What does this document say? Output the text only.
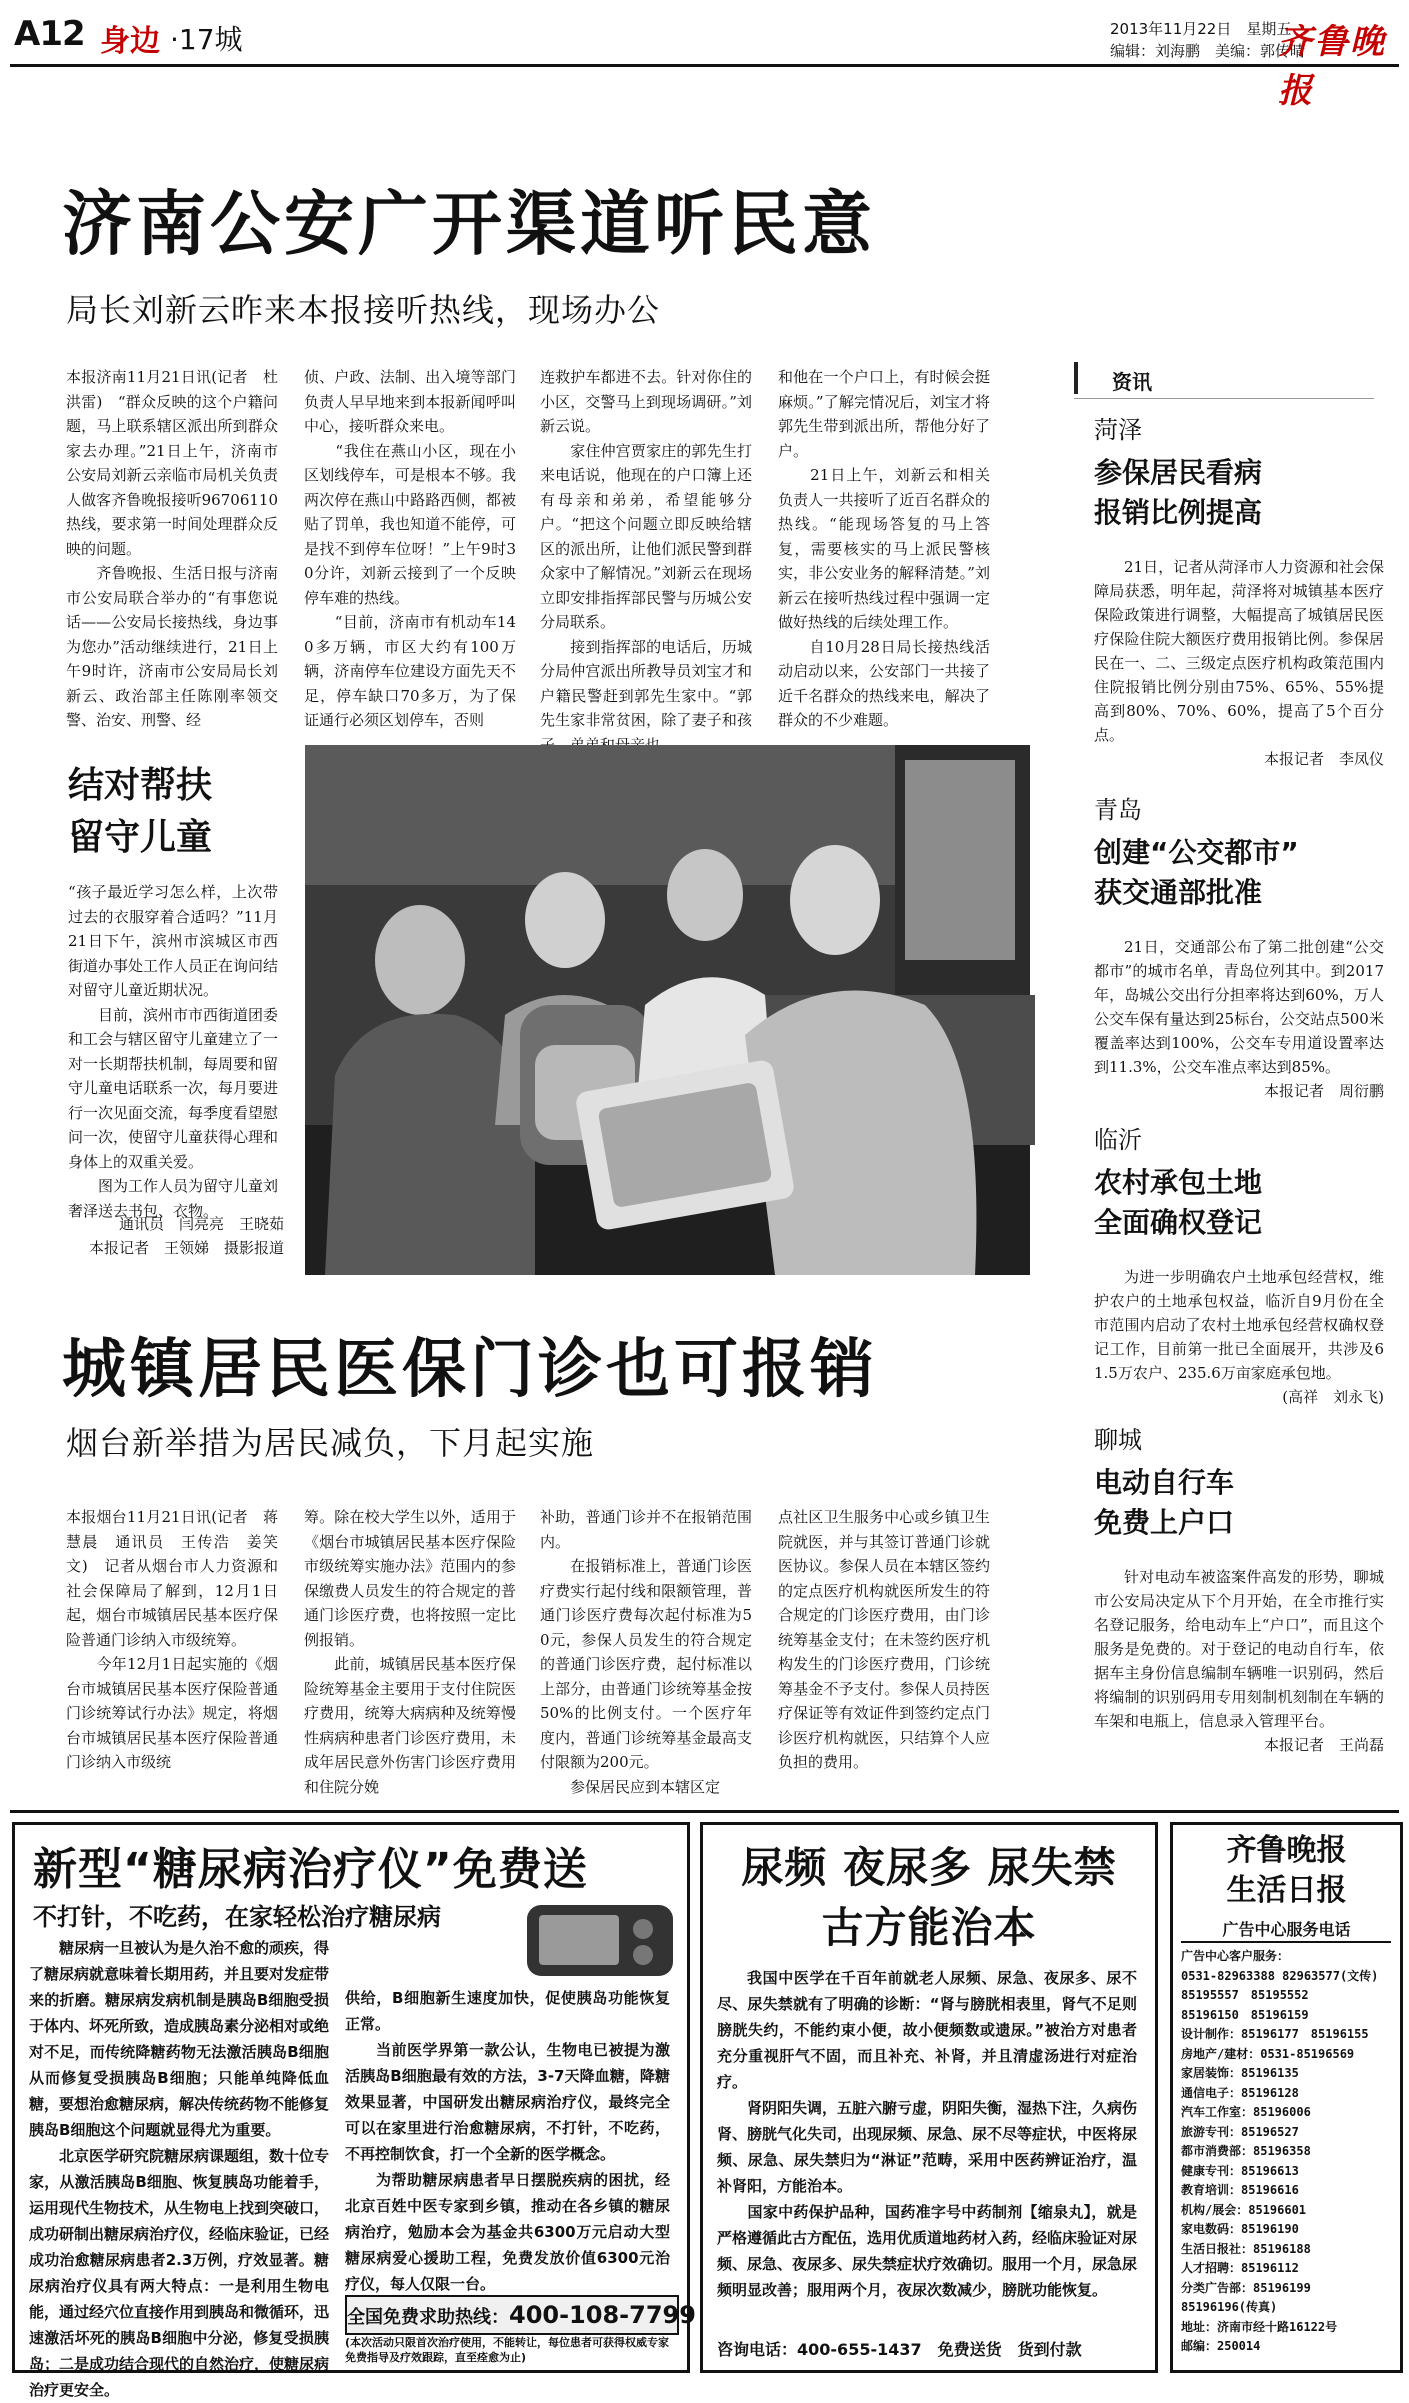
A12 身边 ·17城	2013年11月22日　星期五
编辑：刘海鹏　美编：郭传晴
齐鲁晚报
济南公安广开渠道听民意
局长刘新云昨来本报接听热线，现场办公
本报济南11月21日讯(记者　杜洪雷)　“群众反映的这个户籍问题，马上联系辖区派出所到群众家去办理。”21日上午，济南市公安局刘新云亲临市局机关负责人做客齐鲁晚报接听96706110热线，要求第一时间处理群众反映的问题。
　　齐鲁晚报、生活日报与济南市公安局联合举办的“有事您说话——公安局长接热线，身边事为您办”活动继续进行，21日上午9时许，济南市公安局局长刘新云、政治部主任陈刚率领交警、治安、刑警、经
侦、户政、法制、出入境等部门负责人早早地来到本报新闻呼叫中心，接听群众来电。
　　“我住在燕山小区，现在小区划线停车，可是根本不够。我两次停在燕山中路路西侧，都被贴了罚单，我也知道不能停，可是找不到停车位呀！”上午9时30分许，刘新云接到了一个反映停车难的热线。
　　“目前，济南市有机动车140多万辆，市区大约有100万辆，济南停车位建设方面先天不足，停车缺口70多万，为了保证通行必须区划停车，否则
连救护车都进不去。针对你住的小区，交警马上到现场调研。”刘新云说。
　　家住仲宫贾家庄的郭先生打来电话说，他现在的户口簿上还有母亲和弟弟，希望能够分户。“把这个问题立即反映给辖区的派出所，让他们派民警到群众家中了解情况。”刘新云在现场立即安排指挥部民警与历城公安分局联系。
　　接到指挥部的电话后，历城分局仲宫派出所教导员刘宝才和户籍民警赶到郭先生家中。“郭先生家非常贫困，除了妻子和孩
和他在一个户口上，有时候会挺麻烦。”了解完情况后，刘宝才将郭先生带到派出所，帮他分好了户。
　　21日上午，刘新云和相关负责人一共接听了近百名群众的热线。“能现场答复的马上答复，需要核实的马上派民警核实，非公安业务的解释清楚。”刘新云在接听热线过程中强调一定做好热线的后续处理工作。
　　自10月28日局长接热线活动启动以来，公安部门一共接了近千名群众的热线来电，解决了群众的不少难题。
资讯
菏泽
参保居民看病
报销比例提高
21日，记者从菏泽市人力资源和社会保障局获悉，明年起，菏泽将对城镇基本医疗保险政策进行调整，大幅提高了城镇居民医疗保险住院大额医疗费用报销比例。参保居民在一、二、三级定点医疗机构政策范围内住院报销比例分别由75%、65%、55%提高到80%、70%、60%，提高了5个百分点。
本报记者　李凤仪
青岛
创建“公交都市”
获交通部批准
21日，交通部公布了第二批创建“公交都市”的城市名单，青岛位列其中。到2017年，岛城公交出行分担率将达到60%，万人公交车保有量达到25标台，公交站点500米覆盖率达到100%，公交车专用道设置率达到11.3%，公交车准点率达到85%。
本报记者　周衍鹏
临沂
农村承包土地
全面确权登记
为进一步明确农户土地承包经营权，维护农户的土地承包权益，临沂自9月份在全市范围内启动了农村土地承包经营权确权登记工作，目前第一批已全面展开，共涉及61.5万农户、235.6万亩家庭承包地。
(高祥　刘永飞)
聊城
电动自行车
免费上户口
针对电动车被盗案件高发的形势，聊城市公安局决定从下个月开始，在全市推行实名登记服务，给电动车上“户口”，而且这个服务是免费的。对于登记的电动自行车，依据车主身份信息编制车辆唯一识别码，然后将编制的识别码用专用刻制机刻制在车辆的车架和电瓶上，信息录入管理平台。
本报记者　王尚磊
结对帮扶
留守儿童
“孩子最近学习怎么样，上次带过去的衣服穿着合适吗？”11月21日下午，滨州市滨城区市西街道办事处工作人员正在询问结对留守儿童近期状况。
　　目前，滨州市市西街道团委和工会与辖区留守儿童建立了一对一长期帮扶机制，每周要和留守儿童电话联系一次，每月要进行一次见面交流，每季度看望慰问一次，使留守儿童获得心理和身体上的双重关爱。
　　图为工作人员为留守儿童刘奢泽送去书包、衣物。
通讯员　闫亮亮　王晓茹
本报记者　王领娣　摄影报道
城镇居民医保门诊也可报销
烟台新举措为居民减负，下月起实施
本报烟台11月21日讯(记者　蒋慧晨　通讯员　王传浩　姜笑文)　记者从烟台市人力资源和社会保障局了解到，12月1日起，烟台市城镇居民基本医疗保险普通门诊纳入市级统筹。
　　今年12月1日起实施的《烟台市城镇居民基本医疗保险普通门诊统筹试行办法》规定，将烟台市城镇居民基本医疗保险普通门诊纳入市级统
筹。除在校大学生以外，适用于《烟台市城镇居民基本医疗保险市级统筹实施办法》范围内的参保缴费人员发生的符合规定的普通门诊医疗费，也将按照一定比例报销。
　　此前，城镇居民基本医疗保险统筹基金主要用于支付住院医疗费用，统筹大病病种及统筹慢性病病种患者门诊医疗费用，未成年居民意外伤害门诊医疗费用和住院分娩
补助，普通门诊并不在报销范围内。
　　在报销标准上，普通门诊医疗费实行起付线和限额管理，普通门诊医疗费每次起付标准为50元，参保人员发生的符合规定的普通门诊医疗费，起付标准以上部分，由普通门诊统筹基金按50%的比例支付。一个医疗年度内，普通门诊统筹基金最高支付限额为200元。
　　参保居民应到本辖区定
点社区卫生服务中心或乡镇卫生院就医，并与其签订普通门诊就医协议。参保人员在本辖区签约的定点医疗机构就医所发生的符合规定的门诊医疗费用，由门诊统筹基金支付；在未签约医疗机构发生的门诊医疗费用，门诊统筹基金不予支付。参保人员持医疗保证等有效证件到签约定点门诊医疗机构就医，只结算个人应负担的费用。
新型“糖尿病治疗仪”免费送
不打针，不吃药，在家轻松治疗糖尿病
糖尿病一旦被认为是久治不愈的顽疾，得了糖尿病就意味着长期用药，并且要对发症带来的折磨。糖尿病发病机制是胰岛B细胞受损于体内、坏死所致，造成胰岛素分泌相对或绝对不足，而传统降糖药物无法激活胰岛B细胞从而修复受损胰岛B细胞；只能单纯降低血糖，要想治愈糖尿病，解决传统药物不能修复胰岛B细胞这个问题就显得尤为重要。
　　北京医学研究院糖尿病课题组，数十位专家，从激活胰岛B细胞、恢复胰岛功能着手，运用现代生物技术，从生物电上找到突破口，成功研制出糖尿病治疗仪，经临床验证，已经成功治愈糖尿病患者2.3万例，疗效显著。糖尿病治疗仪具有两大特点：一是利用生物电能，通过经穴位直接作用到胰岛和微循环，迅速激活坏死的胰岛B细胞中分泌，修复受损胰岛；二是成功结合现代的自然治疗，使糖尿病治疗更安全。
供给，B细胞新生速度加快，促使胰岛功能恢复正常。
　　当前医学界第一款公认，生物电已被提为激活胰岛B细胞最有效的方法，3-7天降血糖，降糖效果显著，中国研发出糖尿病治疗仪，最终完全可以在家里进行治愈糖尿病，不打针，不吃药，不再控制饮食，打一个全新的医学概念。
　　为帮助糖尿病患者早日摆脱疾病的困扰，经北京百姓中医专家到乡镇，推动在各乡镇的糖尿病治疗，勉励本会为基金共6300万元启动大型糖尿病爱心援助工程，免费发放价值6300元治疗仪，每人仅限一台。
全国免费求助热线：400-108-7799
(本次活动只限首次治疗使用，不能转让，每位患者可获得权威专家免费指导及疗效跟踪，直至痊愈为止)
尿频 夜尿多 尿失禁
古方能治本
我国中医学在千百年前就老人尿频、尿急、夜尿多、尿不尽、尿失禁就有了明确的诊断：“肾与膀胱相表里，肾气不足则膀胱失约，不能约束小便，故小便频数或遗尿。”被治方对患者充分重视肝气不固，而且补充、补肾，并且清虚汤进行对症治疗。
　　肾阴阳失调，五脏六腑亏虚，阴阳失衡，湿热下注，久病伤肾、膀胱气化失司，出现尿频、尿急、尿不尽等症状，中医将尿频、尿急、尿失禁归为“淋证”范畴，采用中医药辨证治疗，温补肾阳，方能治本。
　　国家中药保护品种，国药准字号中药制剂【缩泉丸】，就是严格遵循此古方配伍，选用优质道地药材入药，经临床验证对尿频、尿急、夜尿多、尿失禁症状疗效确切。服用一个月，尿急尿频明显改善；服用两个月，夜尿次数减少，膀胱功能恢复。
咨询电话：400-655-1437　 免费送货　货到付款
齐鲁晚报
生活日报
广告中心服务电话
广告中心客户服务：
0531-82963388 82963577(文传)
85195557　85195552
85196150　85196159
设计制作：85196177　85196155
房地产/建材：0531-85196569
家居装饰：85196135
通信电子：85196128
汽车工作室：85196006
旅游专刊：85196527
都市消费部：85196358
健康专刊：85196613
教育培训：85196616
机构/展会：85196601
家电数码：85196190
生活日报社：85196188
人才招聘：85196112
分类广告部：85196199
85196196(传真)
地址：济南市经十路16122号
邮编：250014
